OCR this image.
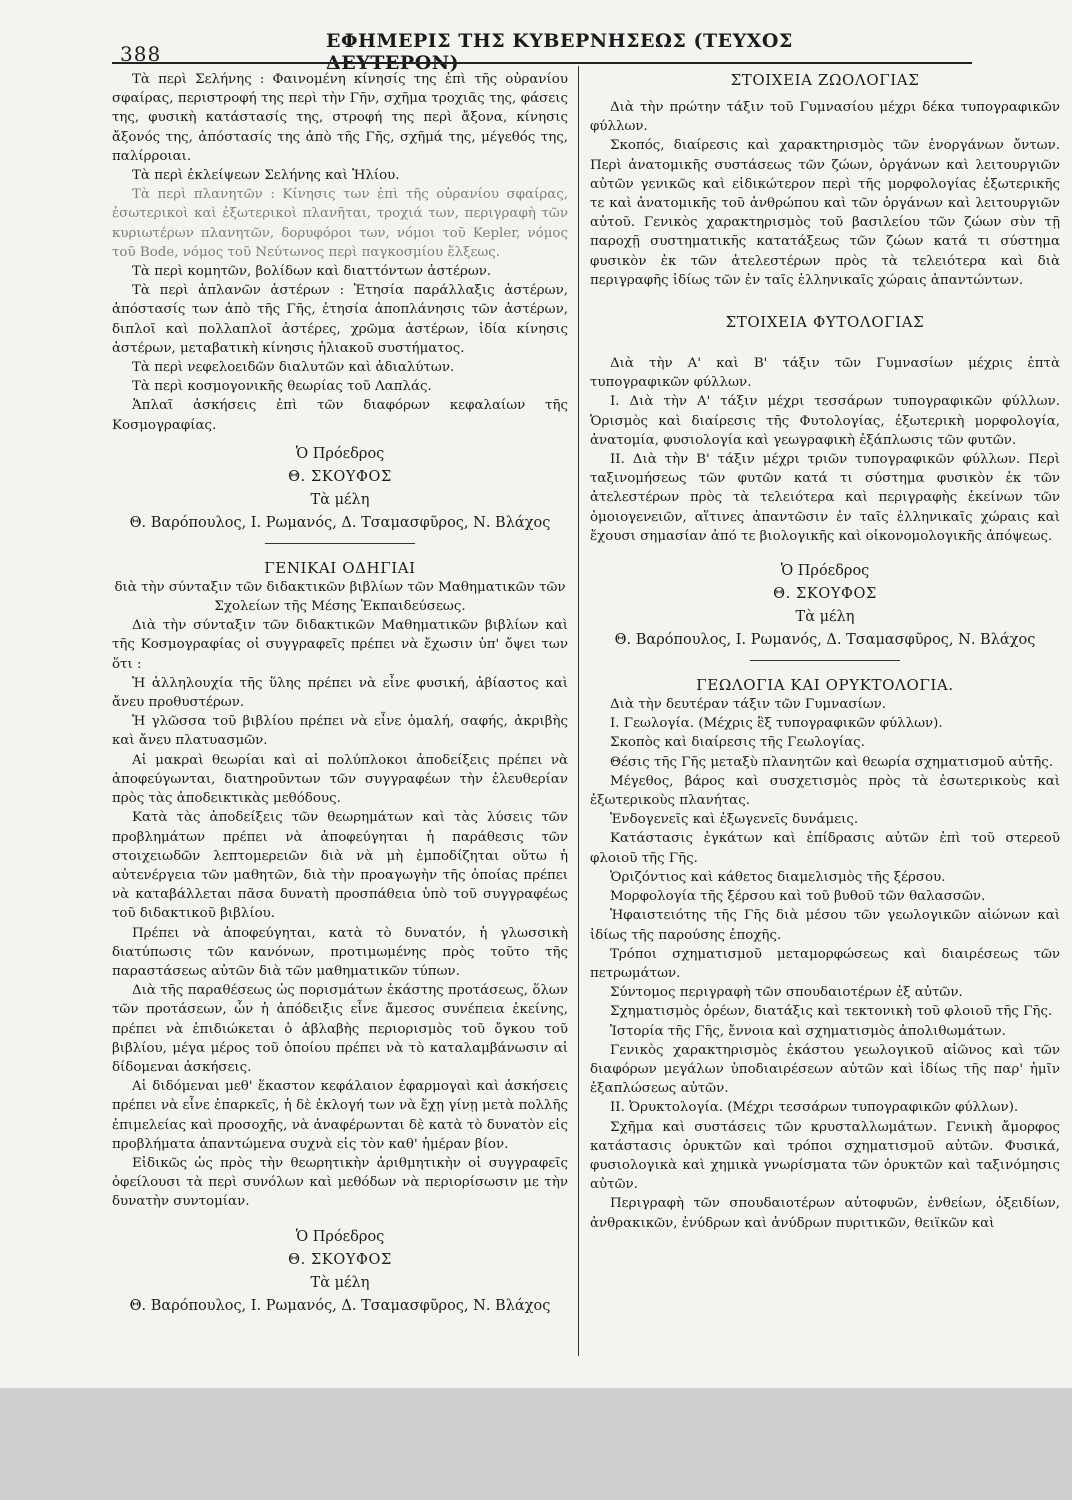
388
ΕΦΗΜΕΡΙΣ ΤΗΣ ΚΥΒΕΡΝΗΣΕΩΣ (ΤΕΥΧΟΣ ΔΕΥΤΕΡΟΝ)

Τὰ περὶ Σελήνης : Φαινομένη κίνησίς της ἐπὶ τῆς οὐρανίου σφαίρας, περιστροφή της περὶ τὴν Γῆν, σχῆμα τροχιᾶς της, φάσεις της, φυσικὴ κατάστασίς της, στροφή της περὶ ἄξονα, κίνησις ἄξονός της, ἀπόστασίς της ἀπὸ τῆς Γῆς, σχῆμά της, μέγεθός της, παλίρροιαι.

Τὰ περὶ ἐκλείψεων Σελήνης καὶ Ἡλίου.

Τὰ περὶ πλανητῶν : Κίνησις των ἐπὶ τῆς οὐρανίου σφαίρας, ἐσωτερικοὶ καὶ ἐξωτερικοὶ πλανῆται, τροχιά των, περιγραφὴ τῶν κυριωτέρων πλανητῶν, δορυφόροι των, νόμοι τοῦ Kepler, νόμος τοῦ Bode, νόμος τοῦ Νεύτωνος περὶ παγκοσμίου ἕλξεως.

Τὰ περὶ κομητῶν, βολίδων καὶ διαττόντων ἀστέρων.

Τὰ περὶ ἀπλανῶν ἀστέρων : Ἐτησία παράλλαξις ἀστέρων, ἀπόστασίς των ἀπὸ τῆς Γῆς, ἐτησία ἀποπλάνησις τῶν ἀστέρων, διπλοῖ καὶ πολλαπλοῖ ἀστέρες, χρῶμα ἀστέρων, ἰδία κίνησις ἀστέρων, μεταβατικὴ κίνησις ἡλιακοῦ συστήματος.

Τὰ περὶ νεφελοειδῶν διαλυτῶν καὶ ἀδιαλύτων.

Τὰ περὶ κοσμογονικῆς θεωρίας τοῦ Λαπλάς.

Ἁπλαῖ ἀσκήσεις ἐπὶ τῶν διαφόρων κεφαλαίων τῆς Κοσμογραφίας.

Ὁ Πρόεδρος
Θ. ΣΚΟΥΦΟΣ
Τὰ μέλη
Θ. Βαρόπουλος, Ι. Ρωμανός, Δ. Τσαμασφῦρος, Ν. Βλάχος
ΓΕΝΙΚΑΙ ΟΔΗΓΙΑΙ

διὰ τὴν σύνταξιν τῶν διδακτικῶν βιβλίων τῶν Μαθηματικῶν τῶν Σχολείων τῆς Μέσης Ἐκπαιδεύσεως.

Διὰ τὴν σύνταξιν τῶν διδακτικῶν Μαθηματικῶν βιβλίων καὶ τῆς Κοσμογραφίας οἱ συγγραφεῖς πρέπει νὰ ἔχωσιν ὑπ' ὄψει των ὅτι :

Ἡ ἀλληλουχία τῆς ὕλης πρέπει νὰ εἶνε φυσική, ἀβίαστος καὶ ἄνευ προθυστέρων.

Ἡ γλῶσσα τοῦ βιβλίου πρέπει νὰ εἶνε ὁμαλή, σαφής, ἀκριβὴς καὶ ἄνευ πλατυασμῶν.

Αἱ μακραὶ θεωρίαι καὶ αἱ πολύπλοκοι ἀποδείξεις πρέπει νὰ ἀποφεύγωνται, διατηροῦντων τῶν συγγραφέων τὴν ἐλευθερίαν πρὸς τὰς ἀποδεικτικὰς μεθόδους.

Κατὰ τὰς ἀποδείξεις τῶν θεωρημάτων καὶ τὰς λύσεις τῶν προβλημάτων πρέπει νὰ ἀποφεύγηται ἡ παράθεσις τῶν στοιχειωδῶν λεπτομερειῶν διὰ νὰ μὴ ἐμποδίζηται οὕτω ἡ αὐτενέργεια τῶν μαθητῶν, διὰ τὴν προαγωγὴν τῆς ὁποίας πρέπει νὰ καταβάλλεται πᾶσα δυνατὴ προσπάθεια ὑπὸ τοῦ συγγραφέως τοῦ διδακτικοῦ βιβλίου.

Πρέπει νὰ ἀποφεύγηται, κατὰ τὸ δυνατόν, ἡ γλωσσικὴ διατύπωσις τῶν κανόνων, προτιμωμένης πρὸς τοῦτο τῆς παραστάσεως αὐτῶν διὰ τῶν μαθηματικῶν τύπων.

Διὰ τῆς παραθέσεως ὡς πορισμάτων ἑκάστης προτάσεως, ὅλων τῶν προτάσεων, ὧν ἡ ἀπόδειξις εἶνε ἄμεσος συνέπεια ἐκείνης, πρέπει νὰ ἐπιδιώκεται ὁ ἀβλαβὴς περιορισμὸς τοῦ ὄγκου τοῦ βιβλίου, μέγα μέρος τοῦ ὁποίου πρέπει νὰ τὸ καταλαμβάνωσιν αἱ δίδομεναι ἀσκήσεις.

Αἱ διδόμεναι μεθ' ἕκαστον κεφάλαιον ἐφαρμογαὶ καὶ ἀσκήσεις πρέπει νὰ εἶνε ἐπαρκεῖς, ἡ δὲ ἐκλογή των νὰ ἔχῃ γίνῃ μετὰ πολλῆς ἐπιμελείας καὶ προσοχῆς, νὰ ἀναφέρωνται δὲ κατὰ τὸ δυνατὸν εἰς προβλήματα ἀπαντώμενα συχνὰ εἰς τὸν καθ' ἡμέραν βίον.

Εἰδικῶς ὡς πρὸς τὴν θεωρητικὴν ἀριθμητικὴν οἱ συγγραφεῖς ὀφείλουσι τὰ περὶ συνόλων καὶ μεθόδων νὰ περιορίσωσιν με τὴν δυνατὴν συντομίαν.

Ὁ Πρόεδρος
Θ. ΣΚΟΥΦΟΣ
Τὰ μέλη
Θ. Βαρόπουλος, Ι. Ρωμανός, Δ. Τσαμασφῦρος, Ν. Βλάχος
ΣΤΟΙΧΕΙΑ ΖΩΟΛΟΓΙΑΣ

Διὰ τὴν πρώτην τάξιν τοῦ Γυμνασίου μέχρι δέκα τυπογραφικῶν φύλλων.

Σκοπός, διαίρεσις καὶ χαρακτηρισμὸς τῶν ἐνοργάνων ὄντων. Περὶ ἀνατομικῆς συστάσεως τῶν ζώων, ὀργάνων καὶ λειτουργιῶν αὐτῶν γενικῶς καὶ εἰδικώτερον περὶ τῆς μορφολογίας ἐξωτερικῆς τε καὶ ἀνατομικῆς τοῦ ἀνθρώπου καὶ τῶν ὀργάνων καὶ λειτουργιῶν αὐτοῦ. Γενικὸς χαρακτηρισμὸς τοῦ βασιλείου τῶν ζώων σὺν τῇ παροχῇ συστηματικῆς κατατάξεως τῶν ζώων κατά τι σύστημα φυσικὸν ἐκ τῶν ἀτελεστέρων πρὸς τὰ τελειότερα καὶ διὰ περιγραφῆς ἰδίως τῶν ἐν ταῖς ἑλληνικαῖς χώραις ἀπαντώντων.

ΣΤΟΙΧΕΙΑ ΦΥΤΟΛΟΓΙΑΣ

Διὰ τὴν Α' καὶ Β' τάξιν τῶν Γυμνασίων μέχρις ἑπτὰ τυπογραφικῶν φύλλων.

Ι. Διὰ τὴν Α' τάξιν μέχρι τεσσάρων τυπογραφικῶν φύλλων. Ὁρισμὸς καὶ διαίρεσις τῆς Φυτολογίας, ἐξωτερικὴ μορφολογία, ἀνατομία, φυσιολογία καὶ γεωγραφικὴ ἐξάπλωσις τῶν φυτῶν.

ΙΙ. Διὰ τὴν Β' τάξιν μέχρι τριῶν τυπογραφικῶν φύλλων. Περὶ ταξινομήσεως τῶν φυτῶν κατά τι σύστημα φυσικὸν ἐκ τῶν ἀτελεστέρων πρὸς τὰ τελειότερα καὶ περιγραφὴς ἐκείνων τῶν ὁμοιογενειῶν, αἵτινες ἀπαντῶσιν ἐν ταῖς ἑλληνικαῖς χώραις καὶ ἔχουσι σημασίαν ἀπό τε βιολογικῆς καὶ οἰκονομολογικῆς ἀπόψεως.

Ὁ Πρόεδρος
Θ. ΣΚΟΥΦΟΣ
Τὰ μέλη
Θ. Βαρόπουλος, Ι. Ρωμανός, Δ. Τσαμασφῦρος, Ν. Βλάχος
ΓΕΩΛΟΓΙΑ ΚΑΙ ΟΡΥΚΤΟΛΟΓΙΑ.

Διὰ τὴν δευτέραν τάξιν τῶν Γυμνασίων.

Ι. Γεωλογία. (Μέχρις ἓξ τυπογραφικῶν φύλλων).

Σκοπὸς καὶ διαίρεσις τῆς Γεωλογίας.

Θέσις τῆς Γῆς μεταξὺ πλανητῶν καὶ θεωρία σχηματισμοῦ αὐτῆς.

Μέγεθος, βάρος καὶ συσχετισμὸς πρὸς τὰ ἐσωτερικοὺς καὶ ἐξωτερικοὺς πλανήτας.

Ἐνδογενεῖς καὶ ἐξωγενεῖς δυνάμεις.

Κατάστασις ἐγκάτων καὶ ἐπίδρασις αὐτῶν ἐπὶ τοῦ στερεοῦ φλοιοῦ τῆς Γῆς.

Ὁριζόντιος καὶ κάθετος διαμελισμὸς τῆς ξέρσου.

Μορφολογία τῆς ξέρσου καὶ τοῦ βυθοῦ τῶν θαλασσῶν.

Ἡφαιστειότης τῆς Γῆς διὰ μέσου τῶν γεωλογικῶν αἰώνων καὶ ἰδίως τῆς παρούσης ἐποχῆς.

Τρόποι σχηματισμοῦ μεταμορφώσεως καὶ διαιρέσεως τῶν πετρωμάτων.

Σύντομος περιγραφὴ τῶν σπουδαιοτέρων ἐξ αὐτῶν.

Σχηματισμὸς ὀρέων, διατάξις καὶ τεκτονικὴ τοῦ φλοιοῦ τῆς Γῆς.

Ἱστορία τῆς Γῆς, ἔννοια καὶ σχηματισμὸς ἀπολιθωμάτων.

Γενικὸς χαρακτηρισμὸς ἑκάστου γεωλογικοῦ αἰῶνος καὶ τῶν διαφόρων μεγάλων ὑποδιαιρέσεων αὐτῶν καὶ ἰδίως τῆς παρ' ἡμῖν ἐξαπλώσεως αὐτῶν.

ΙΙ. Ὀρυκτολογία. (Μέχρι τεσσάρων τυπογραφικῶν φύλλων).

Σχῆμα καὶ συστάσεις τῶν κρυσταλλωμάτων. Γενικὴ ἄμορφος κατάστασις ὀρυκτῶν καὶ τρόποι σχηματισμοῦ αὐτῶν. Φυσικά, φυσιολογικὰ καὶ χημικὰ γνωρίσματα τῶν ὀρυκτῶν καὶ ταξινόμησις αὐτῶν.

Περιγραφὴ τῶν σπουδαιοτέρων αὐτοφυῶν, ἐνθείων, ὀξειδίων, ἀνθρακικῶν, ἐνύδρων καὶ ἀνύδρων πυριτικῶν, θειϊκῶν καὶ
